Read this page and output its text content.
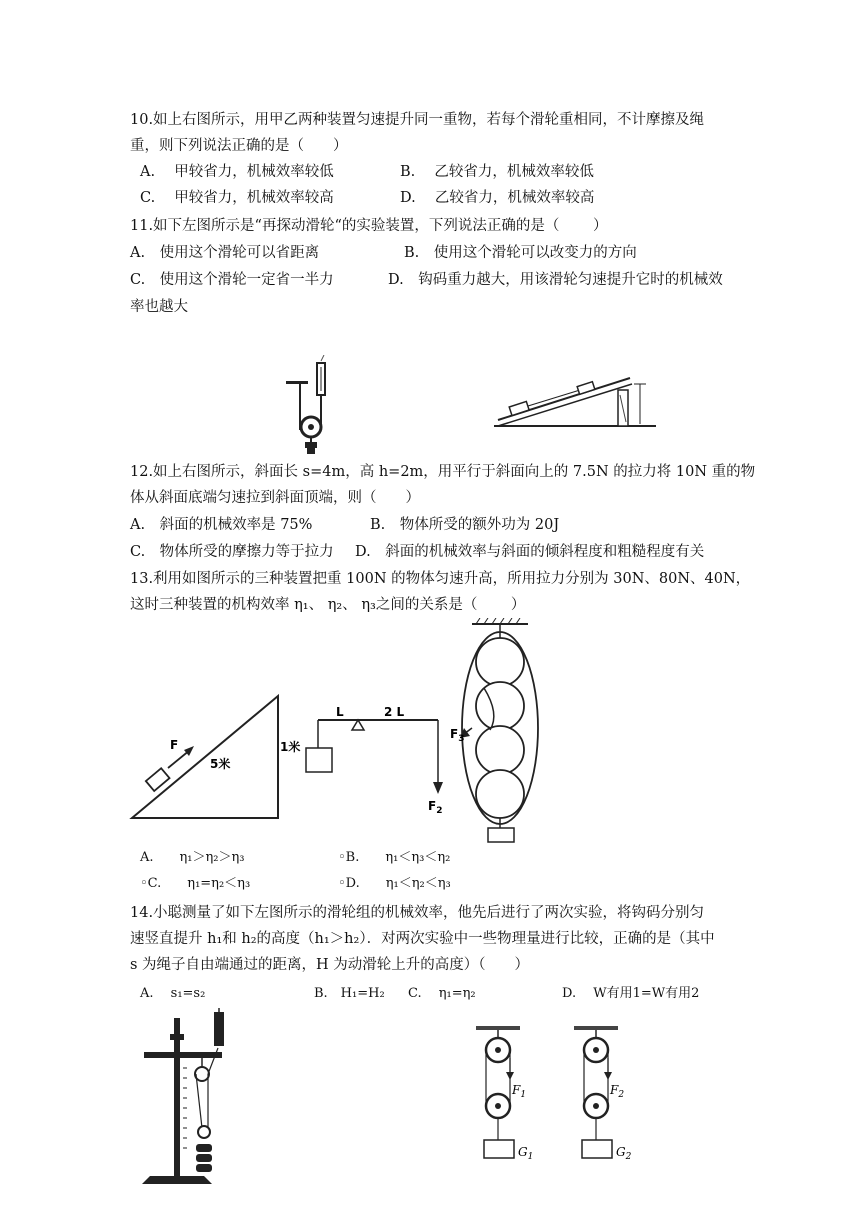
10.如上右图所示，用甲乙两种装置匀速提升同一重物，若每个滑轮重相同，不计摩擦及绳
重，则下列说法正确的是（　　）
A.　 甲较省力，机械效率较低	B.　 乙较省力，机械效率较低
C.　 甲较省力，机械效率较高	D.　 乙较省力，机械效率较高
11.如下左图所示是“再探动滑轮“的实验装置，下列说法正确的是（　　 ）
A.　使用这个滑轮可以省距离	B.　使用这个滑轮可以改变力的方向
C.　使用这个滑轮一定省一半力	D.　钩码重力越大，用该滑轮匀速提升它时的机械效
率也越大
12.如上右图所示，斜面长 s=4m，高 h=2m，用平行于斜面向上的 7.5N 的拉力将 10N 重的物
体从斜面底端匀速拉到斜面顶端，则（　　）
A.　斜面的机械效率是 75%	B.　物体所受的额外功为 20J
C.　物体所受的摩擦力等于拉力 D.　斜面的机械效率与斜面的倾斜程度和粗糙程度有关
13.利用如图所示的三种装置把重 100N 的物体匀速升高，所用拉力分别为 30N、80N、40N，
这时三种装置的机构效率 η₁、 η₂、 η₃之间的关系是（　　 ）
F
5米
1米
L	2 L
$F_2$
$F_3$
A.　　η₁＞η₂＞η₃	◦B.　　η₁＜η₃＜η₂
◦C.　　η₁=η₂＜η₃	◦D.　　η₁＜η₂＜η₃
14.小聪测量了如下左图所示的滑轮组的机械效率，他先后进行了两次实验，将钩码分别匀
速竖直提升 h₁和 h₂的高度（h₁＞h₂）．对两次实验中一些物理量进行比较，正确的是（其中
s 为绳子自由端通过的距离，H 为动滑轮上升的高度）（　　）
A.　 s₁=s₂	B.　H₁=H₂ C.　 η₁=η₂	D.　 W有用1=W有用2
$F_1$
$G_1$
$F_2$
$G_2$
